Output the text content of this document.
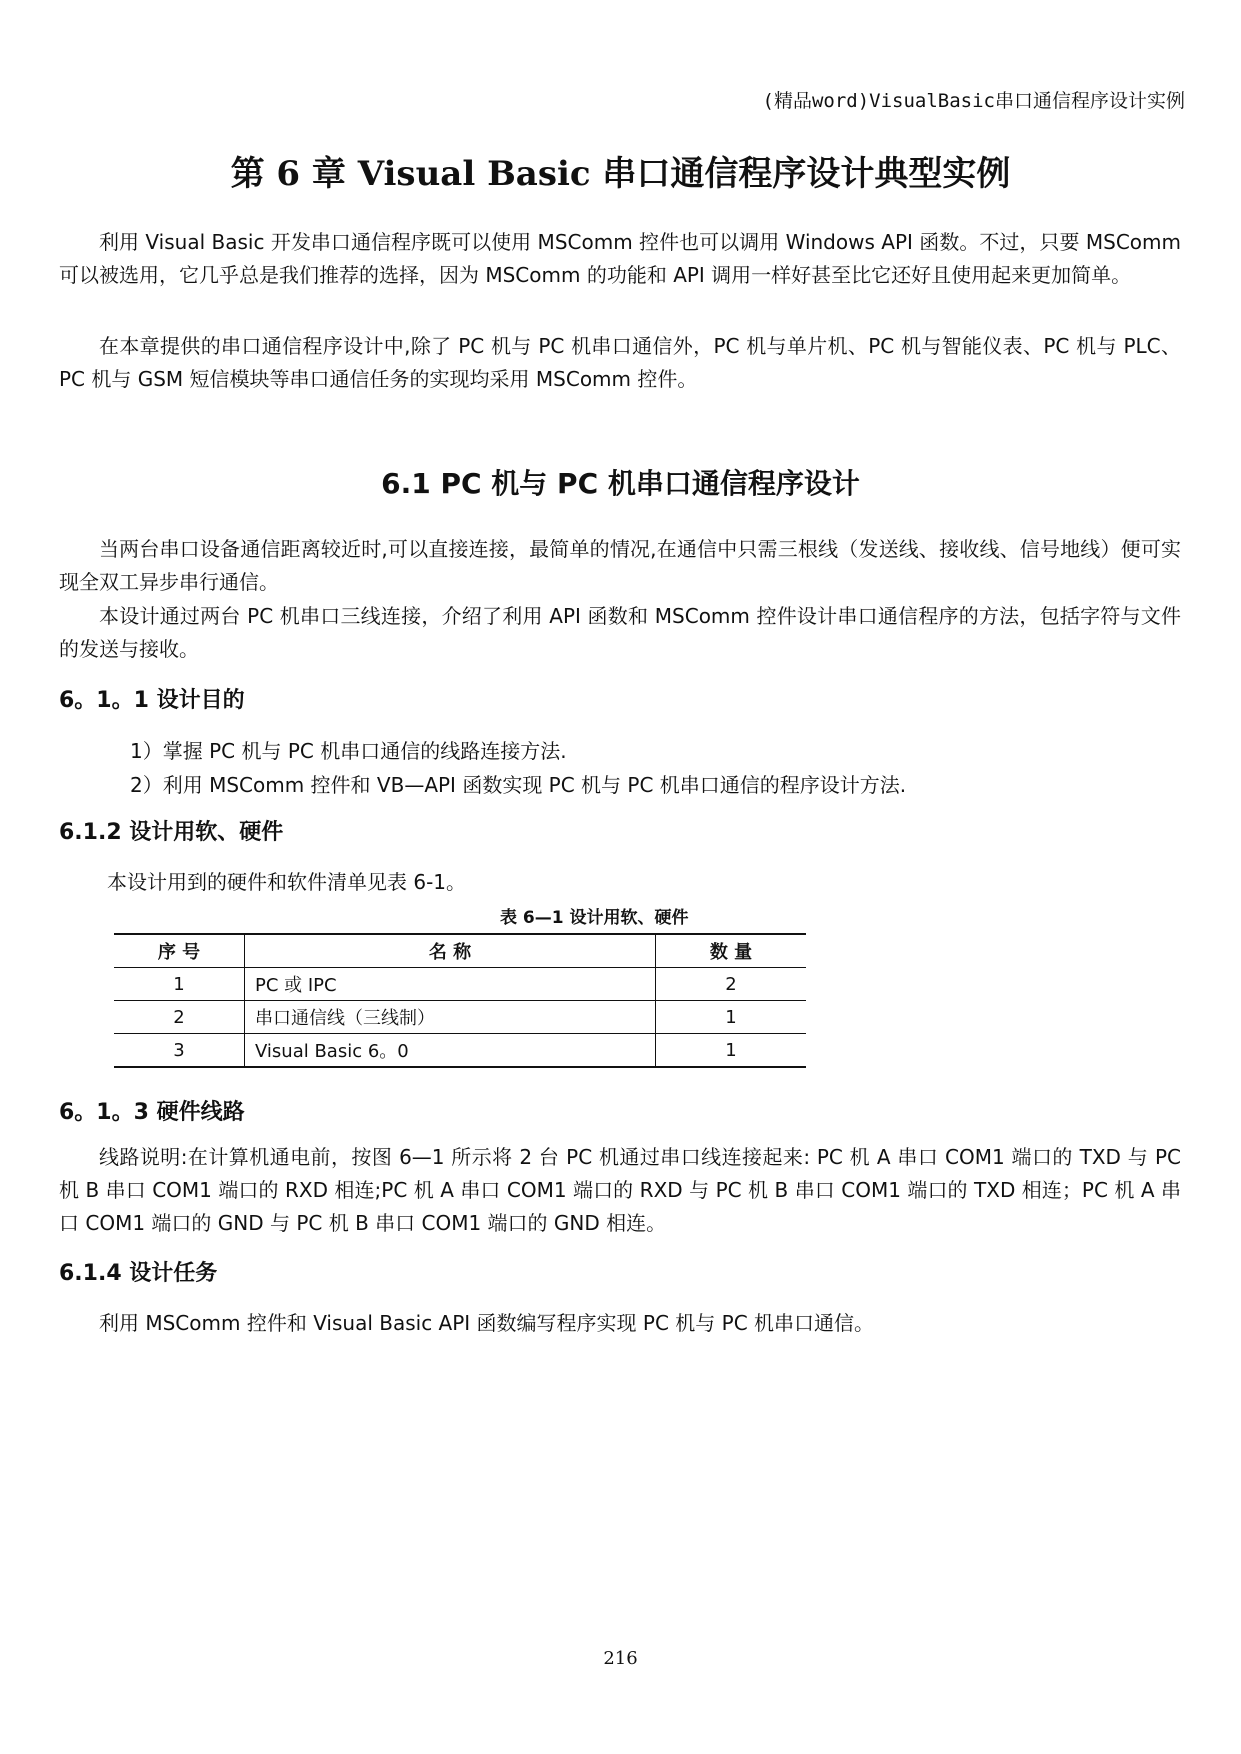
(精品word)VisualBasic串口通信程序设计实例
第 6 章 Visual Basic 串口通信程序设计典型实例

利用 Visual Basic 开发串口通信程序既可以使用 MSComm 控件也可以调用 Windows API 函数。不过，只要 MSComm 可以被选用，它几乎总是我们推荐的选择，因为 MSComm 的功能和 API 调用一样好甚至比它还好且使用起来更加简单。

在本章提供的串口通信程序设计中,除了 PC 机与 PC 机串口通信外，PC 机与单片机、PC 机与智能仪表、PC 机与 PLC、PC 机与 GSM 短信模块等串口通信任务的实现均采用 MSComm 控件。

6.1 PC 机与 PC 机串口通信程序设计

当两台串口设备通信距离较近时,可以直接连接，最简单的情况,在通信中只需三根线（发送线、接收线、信号地线）便可实现全双工异步串行通信。

本设计通过两台 PC 机串口三线连接，介绍了利用 API 函数和 MSComm 控件设计串口通信程序的方法，包括字符与文件的发送与接收。

6。1。1 设计目的
1）掌握 PC 机与 PC 机串口通信的线路连接方法.
2）利用 MSComm 控件和 VB—API 函数实现 PC 机与 PC 机串口通信的程序设计方法.
6.1.2 设计用软、硬件
本设计用到的硬件和软件清单见表 6-1。
表 6—1 设计用软、硬件
序 号	名 称	数 量
1	PC 或 IPC	2
2	串口通信线（三线制）	1
3	Visual Basic 6。0	1
6。1。3 硬件线路

线路说明:在计算机通电前，按图 6—1 所示将 2 台 PC 机通过串口线连接起来: PC 机 A 串口 COM1 端口的 TXD 与 PC 机 B 串口 COM1 端口的 RXD 相连;PC 机 A 串口 COM1 端口的 RXD 与 PC 机 B 串口 COM1 端口的 TXD 相连；PC 机 A 串口 COM1 端口的 GND 与 PC 机 B 串口 COM1 端口的 GND 相连。

6.1.4 设计任务

利用 MSComm 控件和 Visual Basic API 函数编写程序实现 PC 机与 PC 机串口通信。

216
